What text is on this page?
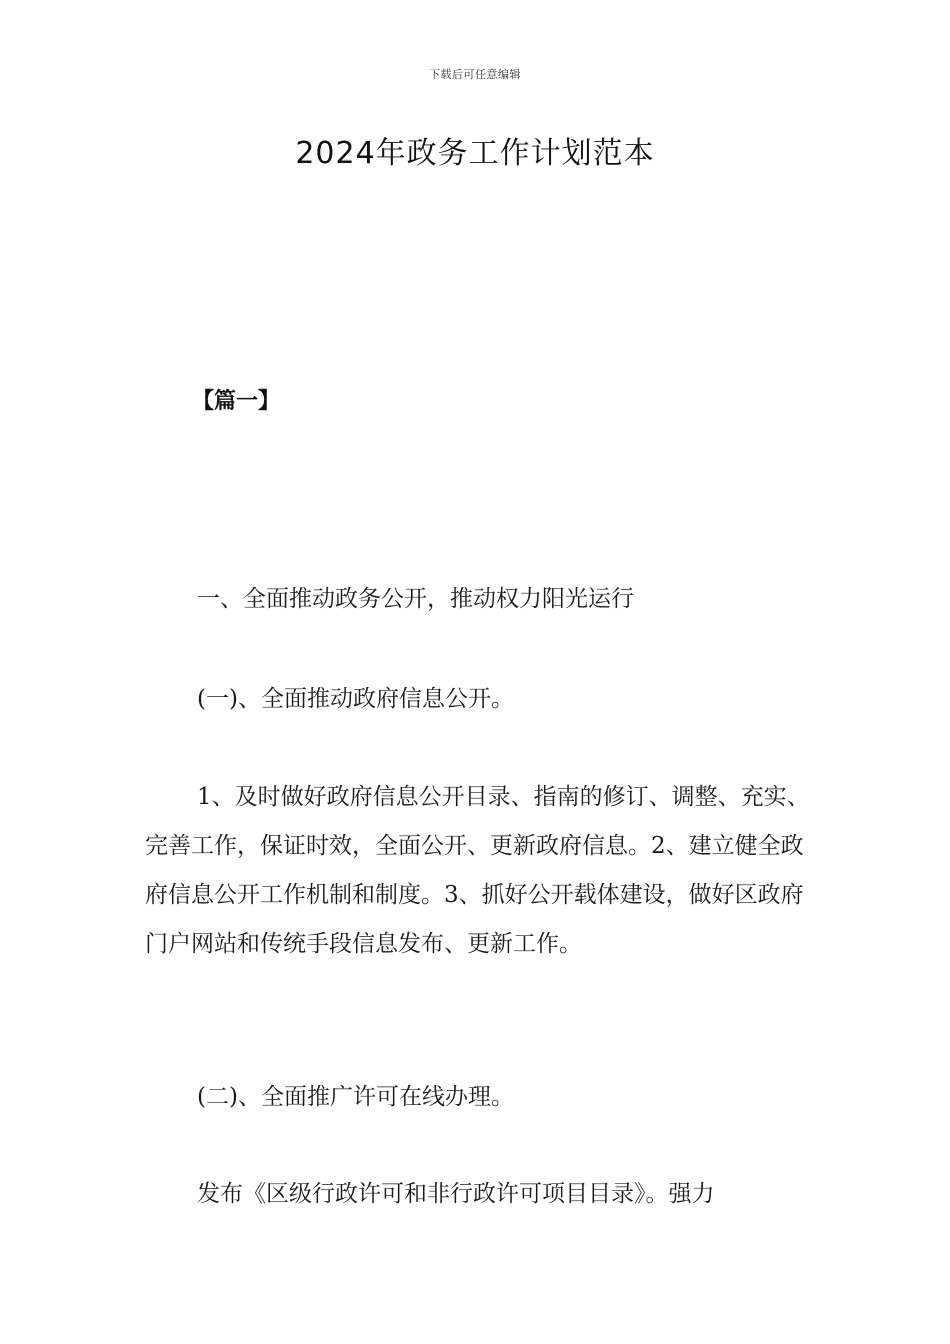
下载后可任意编辑
2024年政务工作计划范本
【篇一】

一、全面推动政务公开，推动权力阳光运行

(一)、全面推动政府信息公开。

1、及时做好政府信息公开目录、指南的修订、调整、充实、完善工作，保证时效，全面公开、更新政府信息。2、建立健全政府信息公开工作机制和制度。3、抓好公开载体建设，做好区政府门户网站和传统手段信息发布、更新工作。

(二)、全面推广许可在线办理。

发布《区级行政许可和非行政许可项目目录》。强力
